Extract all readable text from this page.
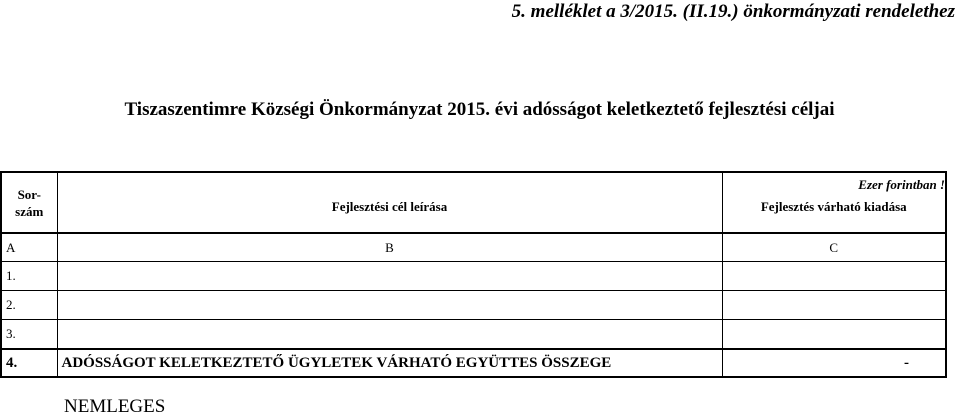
5. melléklet a 3/2015. (II.19.) önkormányzati rendelethez
Tiszaszentimre Községi Önkormányzat 2015. évi adósságot keletkeztető fejlesztési céljai
Ezer forintban !
Sor- szám	Fejlesztési cél leírása	Fejlesztés várható kiadása
A	B	C
1.		
2.		
3.		
4.	ADÓSSÁGOT KELETKEZTETŐ ÜGYLETEK VÁRHATÓ EGYÜTTES ÖSSZEGE	-
NEMLEGES
